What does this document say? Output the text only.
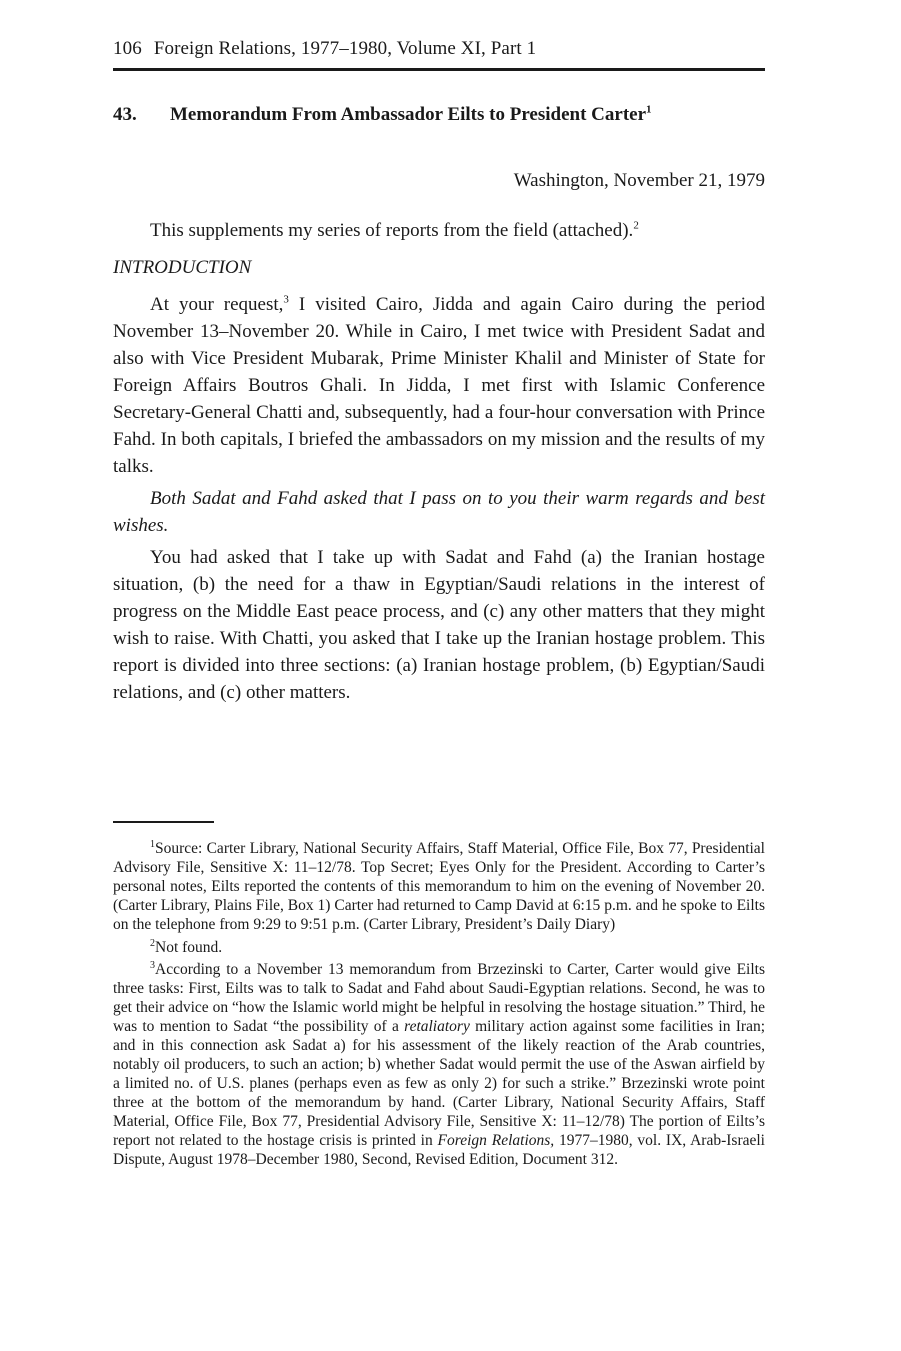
106 Foreign Relations, 1977–1980, Volume XI, Part 1
43. Memorandum From Ambassador Eilts to President Carter$^1$
Washington, November 21, 1979

This supplements my series of reports from the field (attached).$^2$

INTRODUCTION

At your request,$^3$ I visited Cairo, Jidda and again Cairo during the period November 13–November 20. While in Cairo, I met twice with President Sadat and also with Vice President Mubarak, Prime Minister Khalil and Minister of State for Foreign Affairs Boutros Ghali. In Jidda, I met first with Islamic Conference Secretary-General Chatti and, subsequently, had a four-hour conversation with Prince Fahd. In both capitals, I briefed the ambassadors on my mission and the results of my talks.

Both Sadat and Fahd asked that I pass on to you their warm regards and best wishes.

You had asked that I take up with Sadat and Fahd (a) the Iranian hostage situation, (b) the need for a thaw in Egyptian/Saudi relations in the interest of progress on the Middle East peace process, and (c) any other matters that they might wish to raise. With Chatti, you asked that I take up the Iranian hostage problem. This report is divided into three sections: (a) Iranian hostage problem, (b) Egyptian/Saudi relations, and (c) other matters.

$^1$Source: Carter Library, National Security Affairs, Staff Material, Office File, Box 77, Presidential Advisory File, Sensitive X: 11–12/78. Top Secret; Eyes Only for the President. According to Carter’s personal notes, Eilts reported the contents of this memorandum to him on the evening of November 20. (Carter Library, Plains File, Box 1) Carter had returned to Camp David at 6:15 p.m. and he spoke to Eilts on the telephone from 9:29 to 9:51 p.m. (Carter Library, President’s Daily Diary)

$^2$Not found.

$^3$According to a November 13 memorandum from Brzezinski to Carter, Carter would give Eilts three tasks: First, Eilts was to talk to Sadat and Fahd about Saudi-Egyptian relations. Second, he was to get their advice on “how the Islamic world might be helpful in resolving the hostage situation.” Third, he was to mention to Sadat “the possibility of a retaliatory military action against some facilities in Iran; and in this connection ask Sadat a) for his assessment of the likely reaction of the Arab countries, notably oil producers, to such an action; b) whether Sadat would permit the use of the Aswan airfield by a limited no. of U.S. planes (perhaps even as few as only 2) for such a strike.” Brzezinski wrote point three at the bottom of the memorandum by hand. (Carter Library, National Security Affairs, Staff Material, Office File, Box 77, Presidential Advisory File, Sensitive X: 11–12/78) The portion of Eilts’s report not related to the hostage crisis is printed in Foreign Relations, 1977–1980, vol. IX, Arab-Israeli Dispute, August 1978–December 1980, Second, Revised Edition, Document 312.
